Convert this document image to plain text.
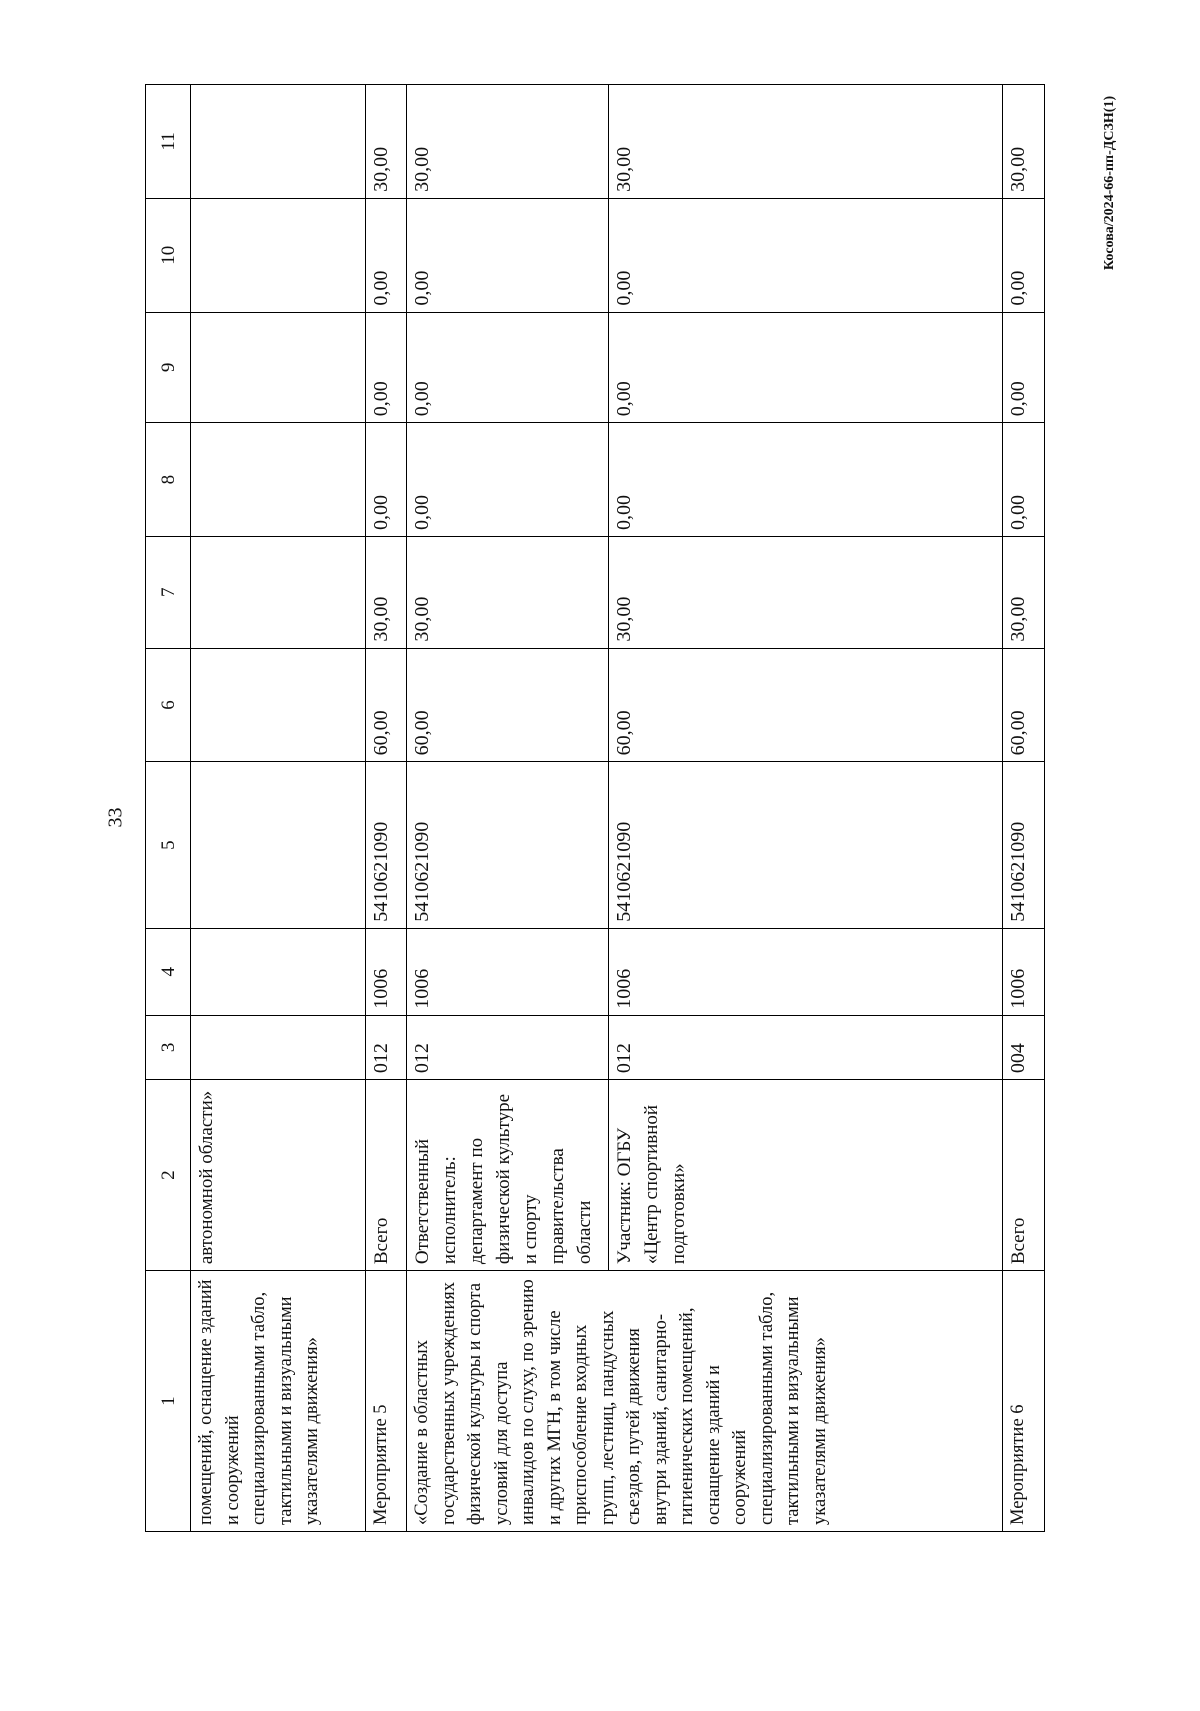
33
Косова/2024-66-пп-ДСЗН(1)
1	2	3	4	5	6	7	8	9	10	11
помещений, оснащение зданий и сооружений специализированными табло, тактильными и визуальными указателями движения»	автономной области»									
Мероприятие 5	Всего	012	1006	5410621090	60,00	30,00	0,00	0,00	0,00	30,00
«Создание в областных государственных учреждениях физической культуры и спорта условий для доступа инвалидов по слуху, по зрению и других МГН, в том числе приспособление входных групп, лестниц, пандусных съездов, путей движения внутри зданий, санитарно-гигиенических помещений, оснащение зданий и сооружений специализированными табло, тактильными и визуальными указателями движения»	Ответственный исполнитель: департамент по физической культуре и спорту правительства области	012	1006	5410621090	60,00	30,00	0,00	0,00	0,00	30,00
	Участник: ОГБУ «Центр спортивной подготовки»	012	1006	5410621090	60,00	30,00	0,00	0,00	0,00	30,00
Мероприятие 6	Всего	004	1006	5410621090	60,00	30,00	0,00	0,00	0,00	30,00
